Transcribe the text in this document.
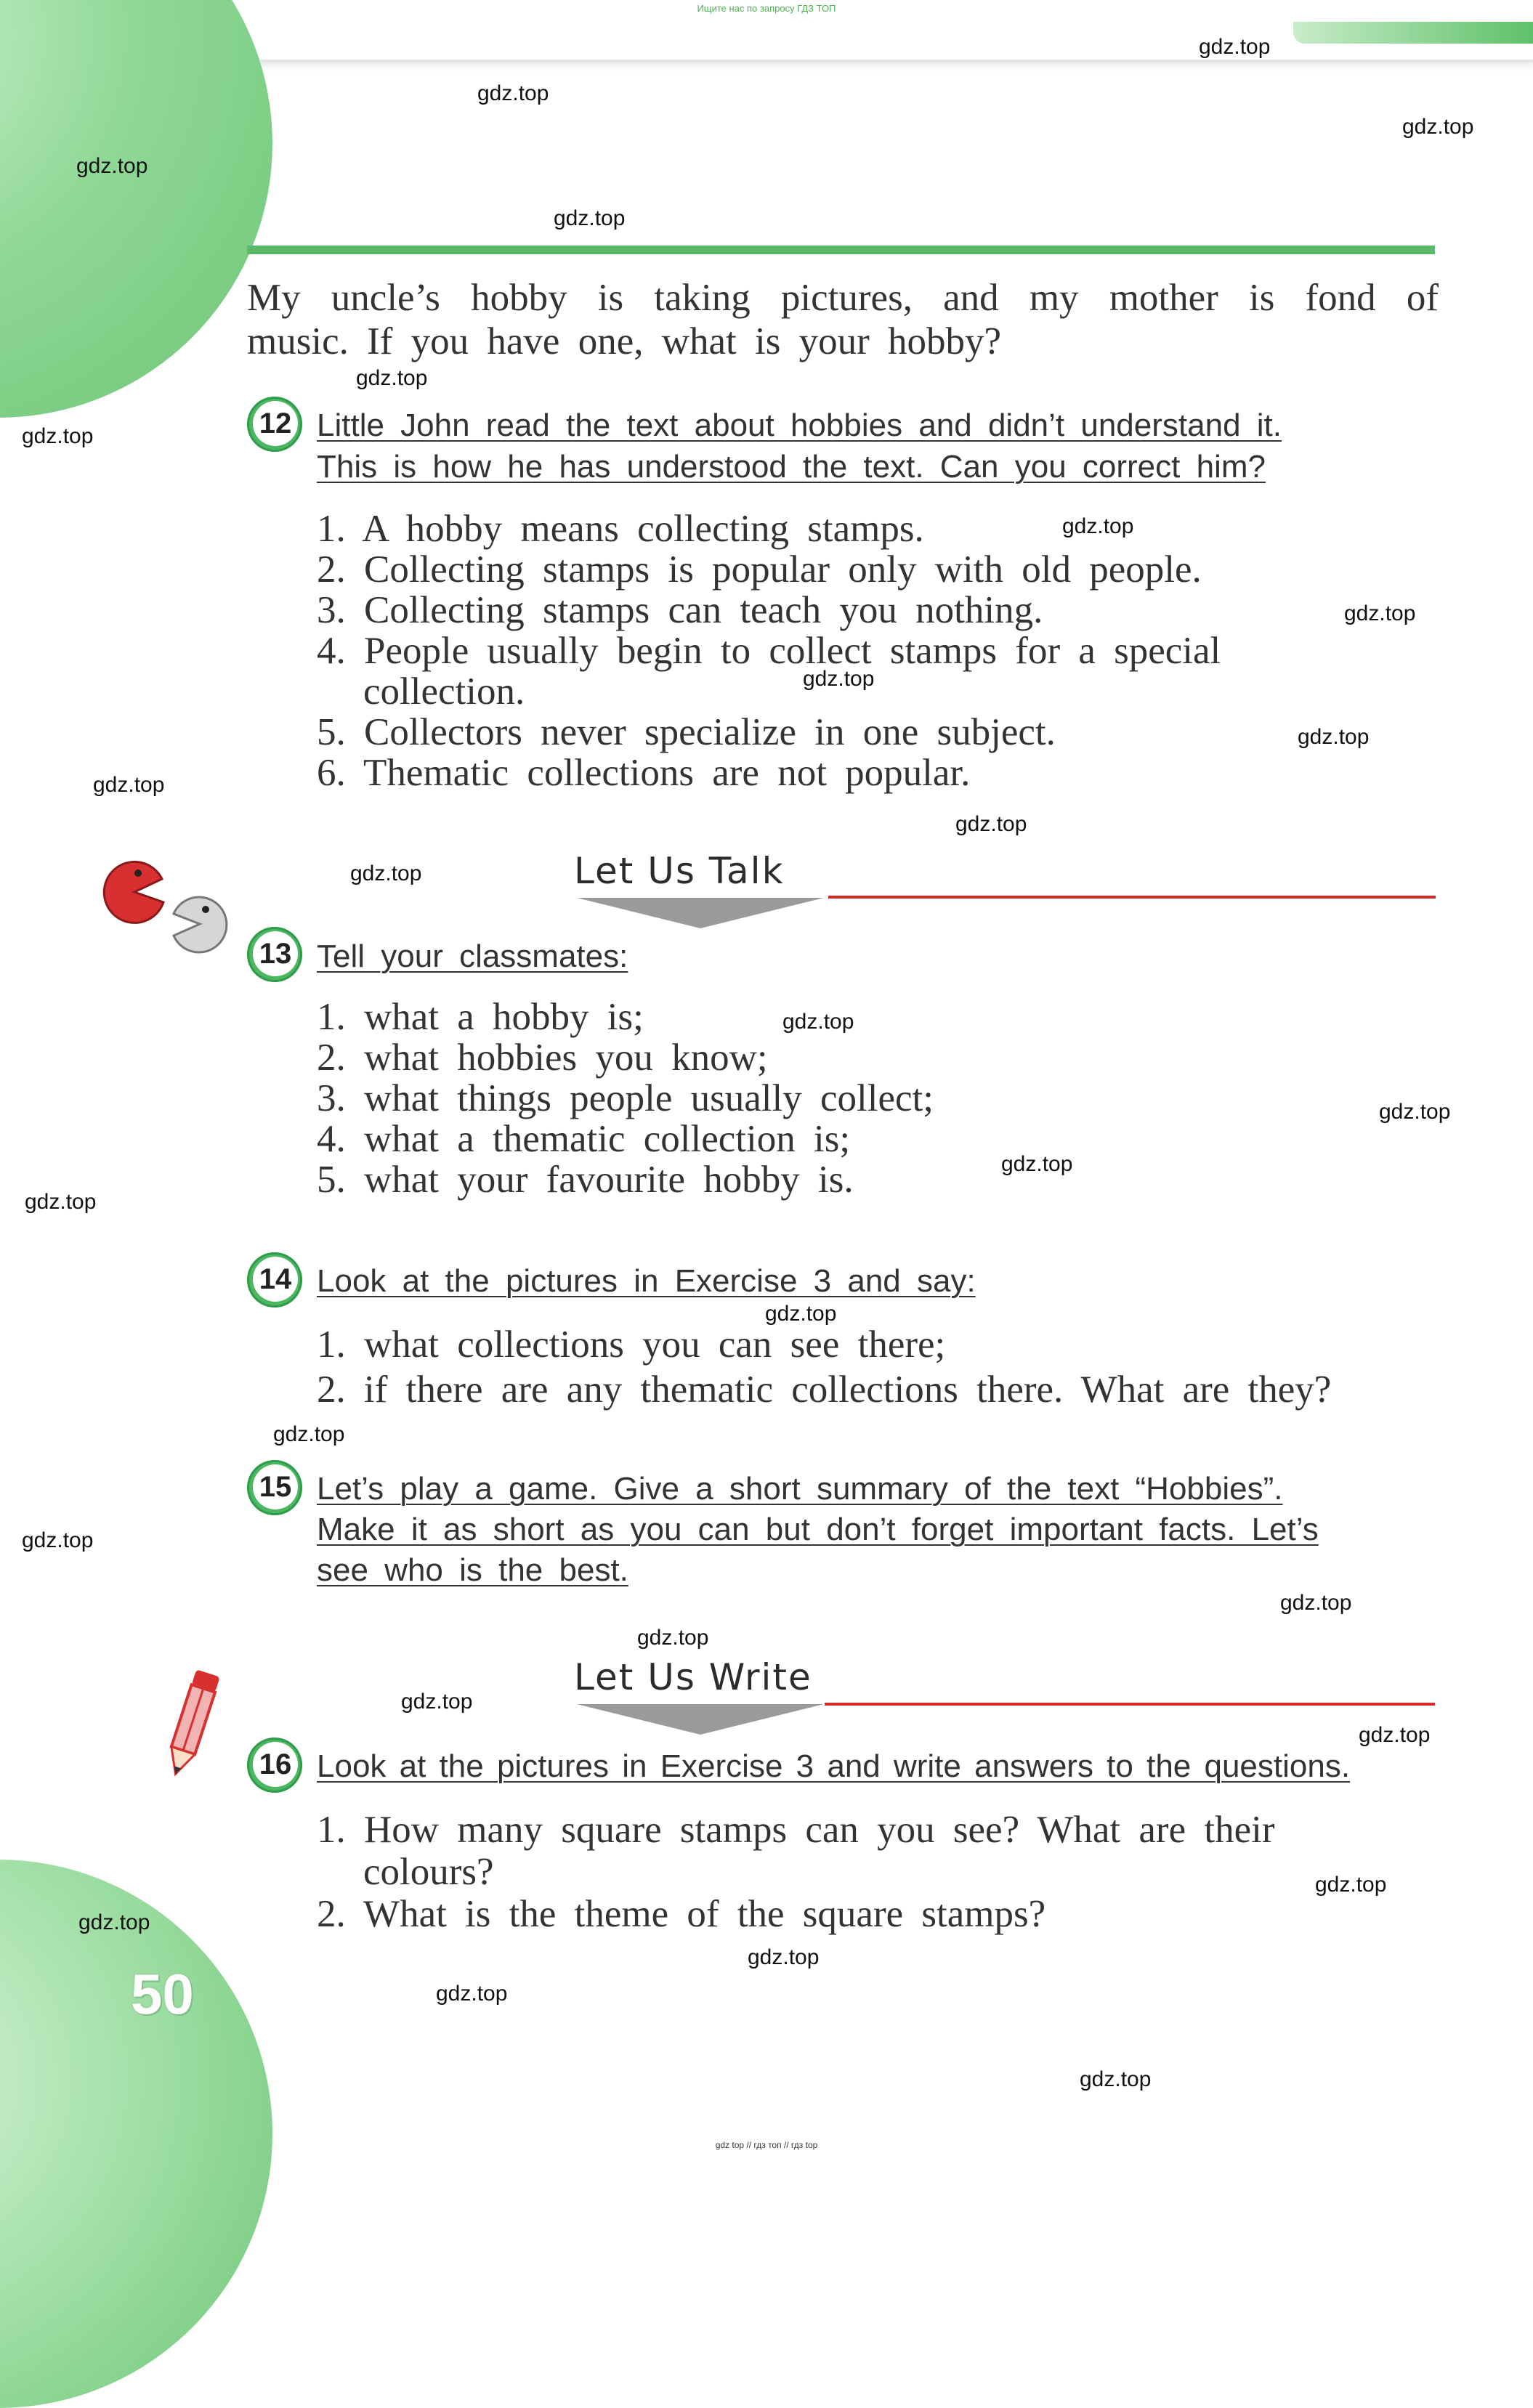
Ищите нас по запросу ГДЗ ТОП
My uncle’s hobby is taking pictures, and my mother is fond of
music. If you have one, what is your hobby?
12 Little John read the text about hobbies and didn’t understand it.
This is how he has understood the text. Can you correct him?
1. A hobby means collecting stamps.
2. Collecting stamps is popular only with old people.
3. Collecting stamps can teach you nothing.
4. People usually begin to collect stamps for a special
collection.
5. Collectors never specialize in one subject.
6. Thematic collections are not popular.
Let Us Talk
13 Tell your classmates:
1. what a hobby is;
2. what hobbies you know;
3. what things people usually collect;
4. what a thematic collection is;
5. what your favourite hobby is.
14 Look at the pictures in Exercise 3 and say:
1. what collections you can see there;
2. if there are any thematic collections there. What are they?
15 Let’s play a game. Give a short summary of the text “Hobbies”.
Make it as short as you can but don’t forget important facts. Let’s
see who is the best.
Let Us Write
16 Look at the pictures in Exercise 3 and write answers to the questions.
1. How many square stamps can you see? What are their
colours?
2. What is the theme of the square stamps?
50
gdz.top
gdz.top
gdz.top
gdz.top
gdz.top
gdz.top
gdz.top
gdz.top
gdz.top
gdz.top
gdz.top
gdz.top
gdz.top
gdz.top
gdz.top
gdz.top
gdz.top
gdz.top
gdz.top
gdz.top
gdz.top
gdz.top
gdz.top
gdz.top
gdz.top
gdz.top
gdz.top
gdz.top
gdz.top
gdz.top
gdz top // гдз топ // гдз top
